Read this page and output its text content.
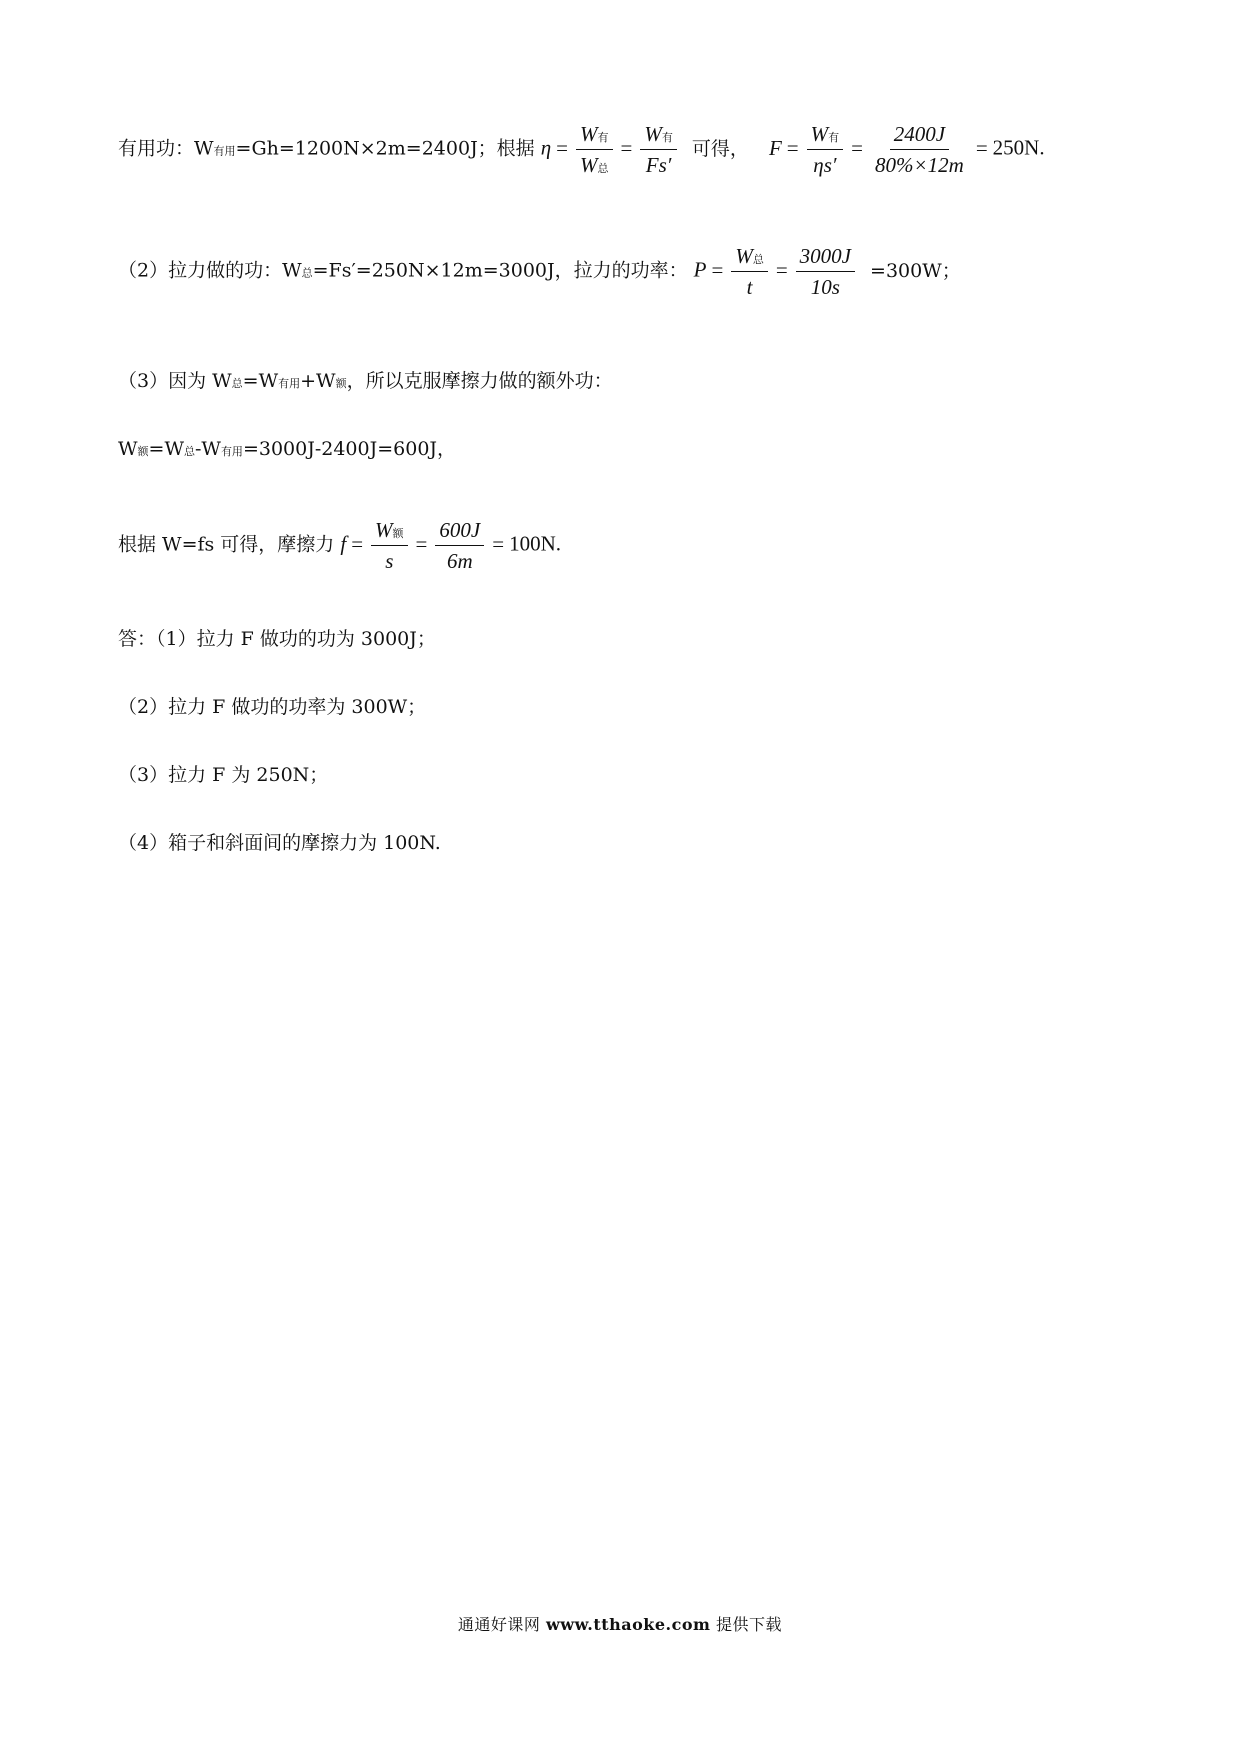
有用功：W有用=Gh=1200N×2m=2400J；根据 $\eta = \frac{\text{W有}}{\text{W总}} = \frac{\text{W有}}{Fs'}$ 可得， $F = \frac{\text{W有}}{\eta s'} = \frac{2400J}{80\%\times 12m} = 250N$.
（2）拉力做的功：W总=Fs′=250N×12m=3000J，拉力的功率： $P = \frac{\text{W总}}{t} = \frac{3000J}{10s} =300W$；
（3）因为 W总=W有用+W额，所以克服摩擦力做的额外功：
W额=W总-W有用=3000J-2400J=600J，
根据 W=fs 可得，摩擦力 $f = \frac{\text{W额}}{s} = \frac{600J}{6m} = 100N$.
答：（1）拉力 F 做功的功为 3000J；
（2）拉力 F 做功的功率为 300W；
（3）拉力 F 为 250N；
（4）箱子和斜面间的摩擦力为 100N.
通通好课网 www.tthaoke.com 提供下载
